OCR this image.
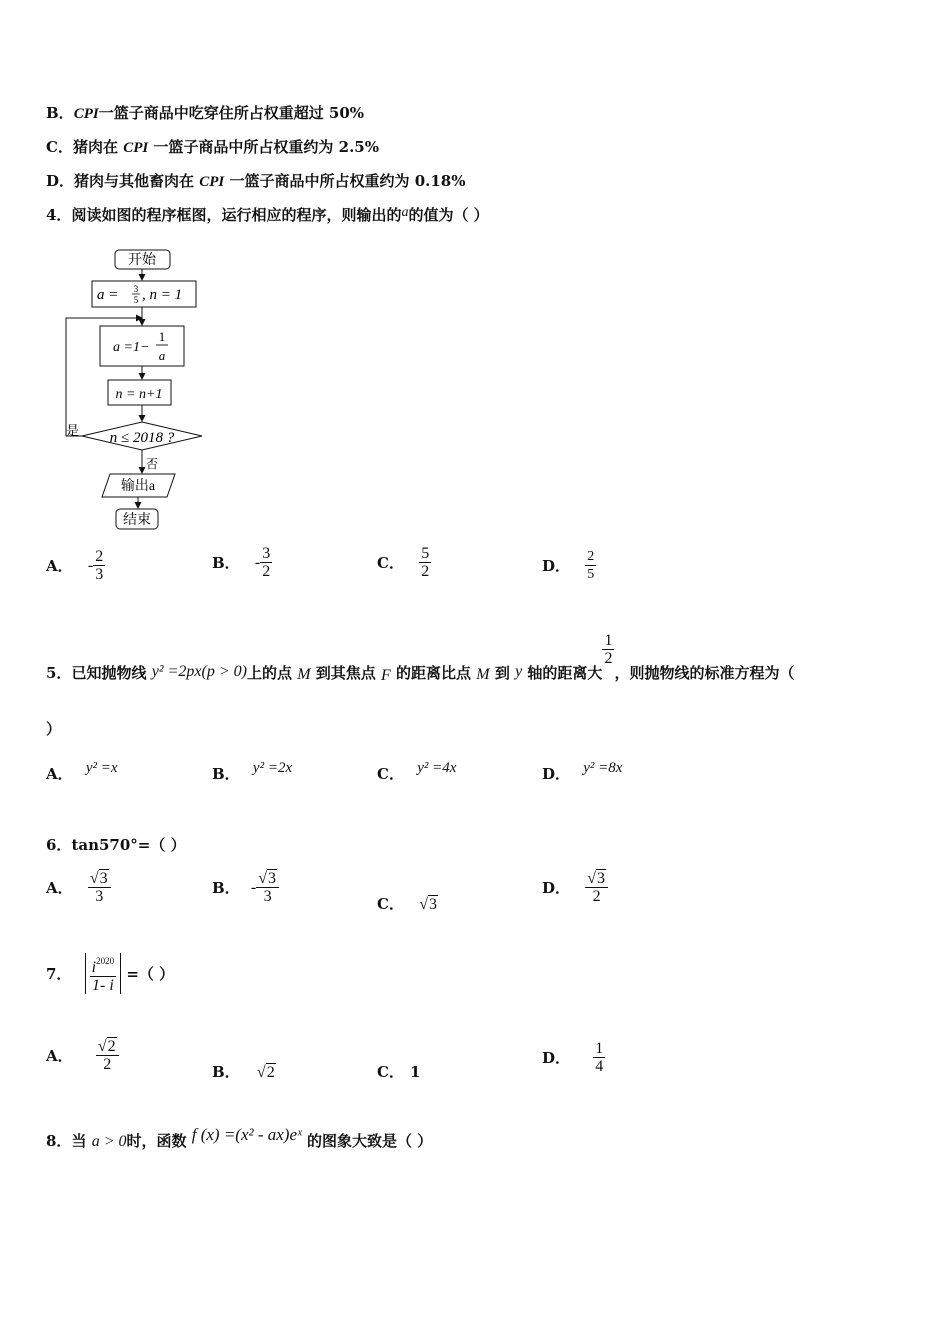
B．CPI一篮子商品中吃穿住所占权重超过 50%
C．猪肉在 CPI 一篮子商品中所占权重约为 2.5%
D．猪肉与其他畜肉在 CPI 一篮子商品中所占权重约为 0.18%
4．阅读如图的程序框图，运行相应的程序，则输出的a的值为（ ）
开始
a = 3
5 , n = 1
a =1−
1
a
n = n+1
n ≤ 2018 ?
是
否
输出a
结束
A． - $\frac{2}{3}$	B． - $\frac{3}{2}$	C． $\frac{5}{2}$	D． $\frac{2}{5}$
5．已知抛物线 y² =2px(p > 0)上的点 M 到其焦点 F 的距离比点 M 到 y 轴的距离大
$\frac{1}{2}$
，则抛物线的标准方程为（
）
A． y² =x	B． y² =2x	C． y² =4x	D． y² =8x
6．tan570°=（ ）
A． $\frac{√3}{3}$	B． - $\frac{√3}{3}$	C． √3
D． $\frac{√3}{2}$
7． $\frac{i^{2020}}{1- i}$ =（ ）
A． $\frac{√2}{2}$	B． √2	C． 1
D． $\frac{1}{4}$
8．当 a > 0时，函数 f (x) =(x² - ax)eˣ 的图象大致是（ ）
